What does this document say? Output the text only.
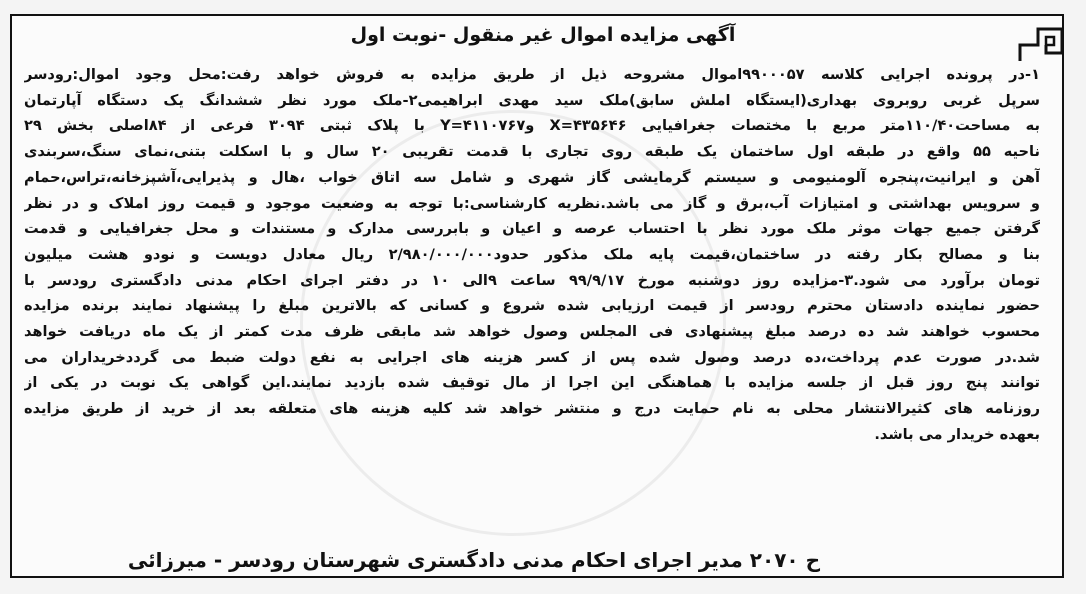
آگهی مزایده اموال غیر منقول -نوبت اول
۱-در پرونده اجرایی کلاسه ۹۹۰۰۰۵۷اموال مشروحه ذیل از طریق مزایده به فروش خواهد رفت:محل وجود اموال:رودسر
سرپل غربی روبروی بهداری(ایستگاه املش سابق)ملک سید مهدی ابراهیمی۲-ملک مورد نظر ششدانگ یک دستگاه آپارتمان
به مساحت۱۱۰/۴۰متر مربع با مختصات جغرافیایی X=۴۳۵۶۴۶ وY=۴۱۱۰۷۶۷ با پلاک ثبتی ۳۰۹۴ فرعی از ۸۴اصلی بخش ۲۹
ناحیه ۵۵ واقع در طبقه اول ساختمان یک طبقه روی تجاری با قدمت تقریبی ۲۰ سال و با اسکلت بتنی،نمای سنگ،سربندی
آهن و ایرانیت،پنجره آلومنیومی و سیستم گرمایشی گاز شهری و شامل سه اتاق خواب ،هال و پذیرایی،آشپزخانه،تراس،حمام
و سرویس بهداشتی و امتیازات آب،برق و گاز می باشد.نظریه کارشناسی:با توجه به وضعیت موجود و قیمت روز املاک و در نظر
گرفتن جمیع جهات موثر ملک مورد نظر با احتساب عرصه و اعیان و بابررسی مدارک و مستندات و محل جغرافیایی و قدمت
بنا و مصالح بکار رفته در ساختمان،قیمت پایه ملک مذکور حدود۲/۹۸۰/۰۰۰/۰۰۰ ریال معادل دویست و نودو هشت میلیون
تومان برآورد می شود.۳-مزایده روز دوشنبه مورخ ۹۹/۹/۱۷ ساعت ۹الی ۱۰ در دفتر اجرای احکام مدنی دادگستری رودسر با
حضور نماینده دادستان محترم رودسر از قیمت ارزیابی شده شروع و کسانی که بالاترین مبلغ را پیشنهاد نمایند برنده مزایده
محسوب خواهند شد ده درصد مبلغ پیشنهادی فی المجلس وصول خواهد شد مابقی ظرف مدت کمتر از یک ماه دریافت خواهد
شد.در صورت عدم پرداخت،ده درصد وصول شده پس از کسر هزینه های اجرایی به نفع دولت ضبط می گرددخریداران می
توانند پنج روز قبل از جلسه مزایده با هماهنگی این اجرا از مال توقیف شده بازدید نمایند.این گواهی یک نوبت در یکی از
روزنامه های کثیرالانتشار محلی به نام حمایت درج و منتشر خواهد شد کلیه هزینه های متعلقه بعد از خرید از طریق مزایده
بعهده خریدار می باشد.
ح ۲۰۷۰ مدیر اجرای احکام مدنی دادگستری شهرستان رودسر - میرزائی
